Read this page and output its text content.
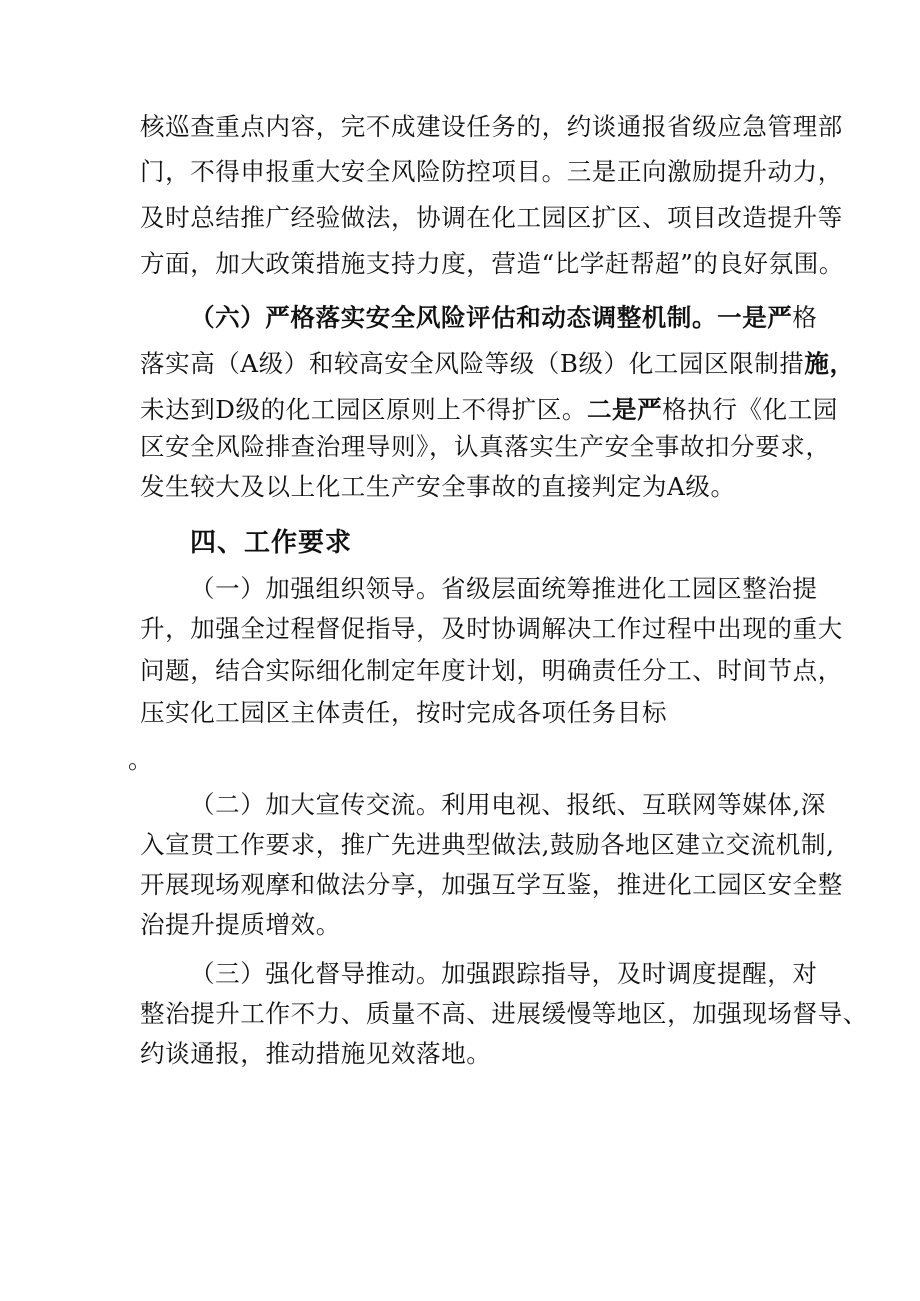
核巡查重点内容，完不成建设任务的，约谈通报省级应急管理部
门，不得申报重大安全风险防控项目。三是正向激励提升动力，
及时总结推广经验做法，协调在化工园区扩区、项目改造提升等
方面，加大政策措施支持力度，营造“比学赶帮超”的良好氛围。
（六）严格落实安全风险评估和动态调整机制。一是严格
落实高（A级）和较高安全风险等级（B级）化工园区限制措施，
未达到D级的化工园区原则上不得扩区。二是严格执行《化工园
区安全风险排查治理导则》，认真落实生产安全事故扣分要求，
发生较大及以上化工生产安全事故的直接判定为A级。
四、工作要求
（一）加强组织领导。省级层面统筹推进化工园区整治提
升，加强全过程督促指导，及时协调解决工作过程中出现的重大
问题，结合实际细化制定年度计划，明确责任分工、时间节点，
压实化工园区主体责任，按时完成各项任务目标
。
（二）加大宣传交流。利用电视、报纸、互联网等媒体,深
入宣贯工作要求，推广先进典型做法,鼓励各地区建立交流机制,
开展现场观摩和做法分享，加强互学互鉴，推进化工园区安全整
治提升提质增效。
（三）强化督导推动。加强跟踪指导，及时调度提醒，对
整治提升工作不力、质量不高、进展缓慢等地区，加强现场督导、
约谈通报，推动措施见效落地。
